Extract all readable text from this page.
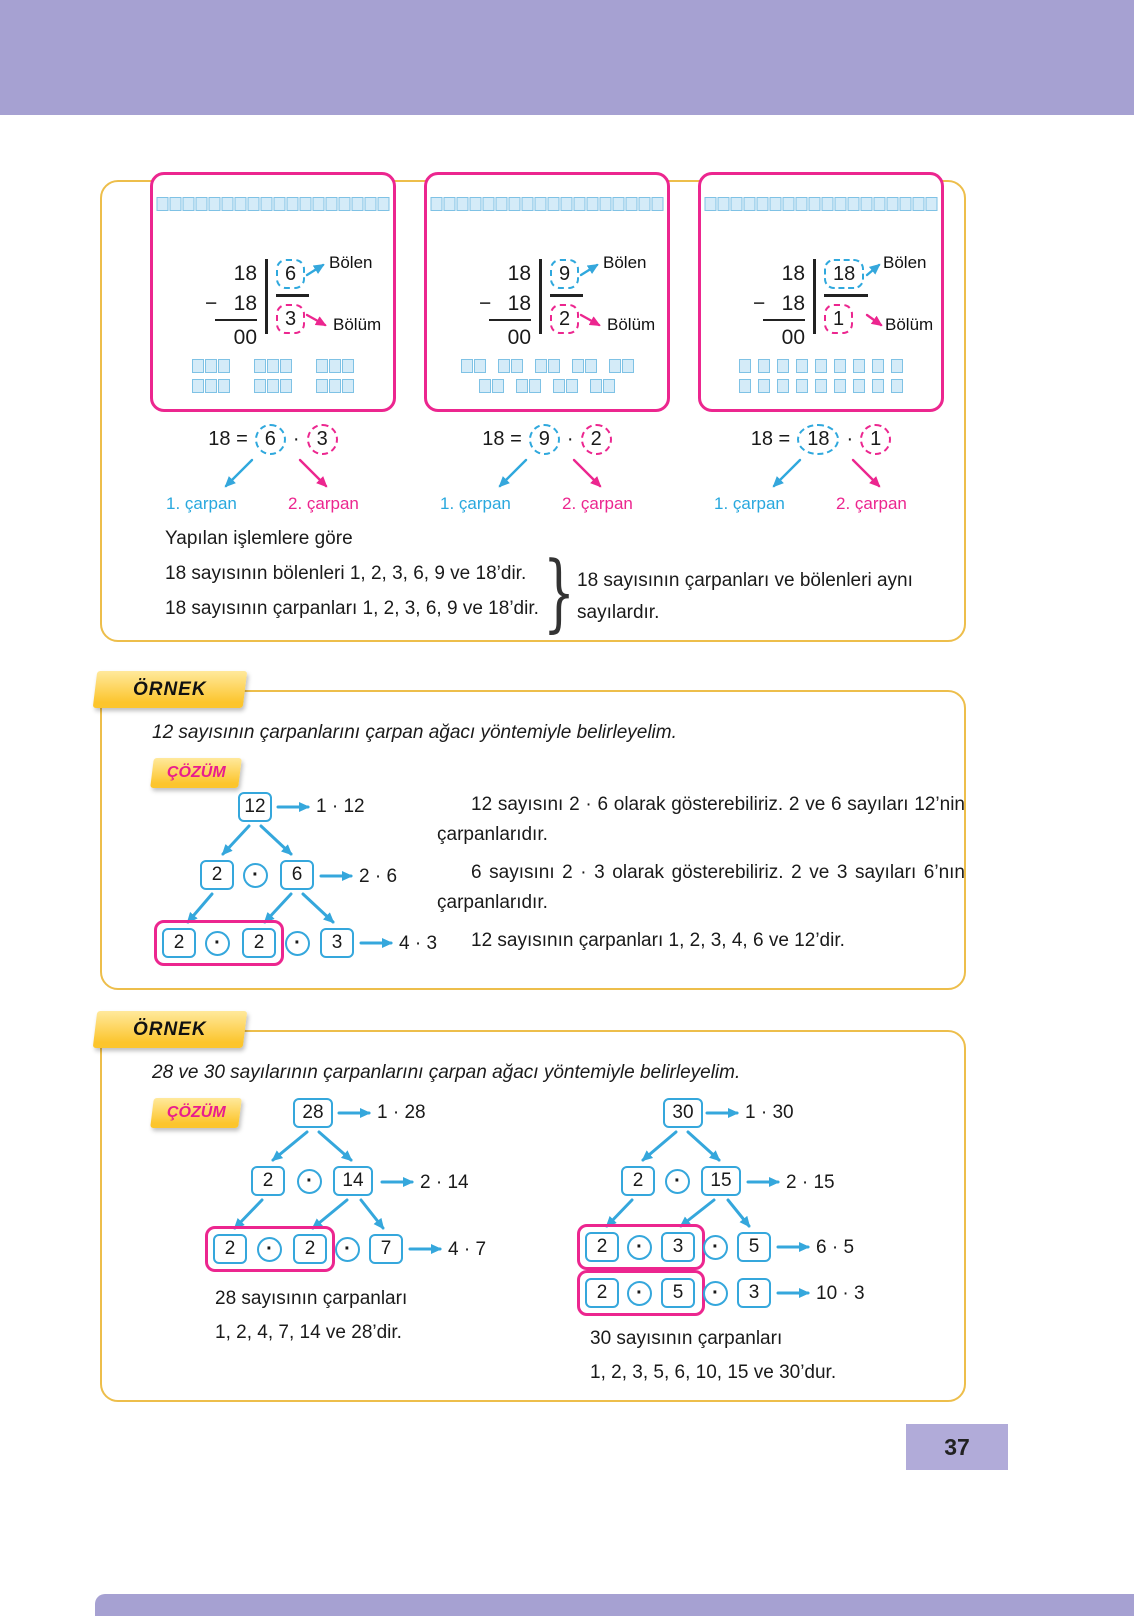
18
− 18
00
6
3
Bölen
Bölüm
18
− 18
00
9
2
Bölen
Bölüm
18
− 18
00
18
1
Bölen
Bölüm
18 = 6 · 3
1. çarpan	2. çarpan
18 = 9 · 2
1. çarpan	2. çarpan
18 = 18 · 1
1. çarpan	2. çarpan
Yapılan işlemlere göre
18 sayısının bölenleri 1, 2, 3, 6, 9 ve 18’dir.
18 sayısının çarpanları 1, 2, 3, 6, 9 ve 18’dir. } 18 sayısının çarpanları ve bölenleri aynı
sayılardır.
ÖRNEK
12 sayısının çarpanlarını çarpan ağacı yöntemiyle belirleyelim.
ÇÖZÜM
12
2	·	6
2	·	2	·	3
1 · 12
2 · 6
4 · 3

12 sayısını 2 · 6 olarak gösterebiliriz. 2 ve 6 sayıları 12’nin çarpanlarıdır.

6 sayısını 2 · 3 olarak gösterebiliriz. 2 ve 3 sayıları 6’nın çarpanlarıdır.

12 sayısının çarpanları 1, 2, 3, 4, 6 ve 12’dir.

ÖRNEK
28 ve 30 sayılarının çarpanlarını çarpan ağacı yöntemiyle belirleyelim.
ÇÖZÜM	28
2	·	14
2	·	2	·	7
1 · 28
2 · 14
4 · 7
28 sayısının çarpanları
1, 2, 4, 7, 14 ve 28’dir.
30
2	·	15
2	·	3	·	5
2	·	5	·	3
1 · 30
2 · 15
6 · 5
10 · 3
30 sayısının çarpanları
1, 2, 3, 5, 6, 10, 15 ve 30’dur.
37
